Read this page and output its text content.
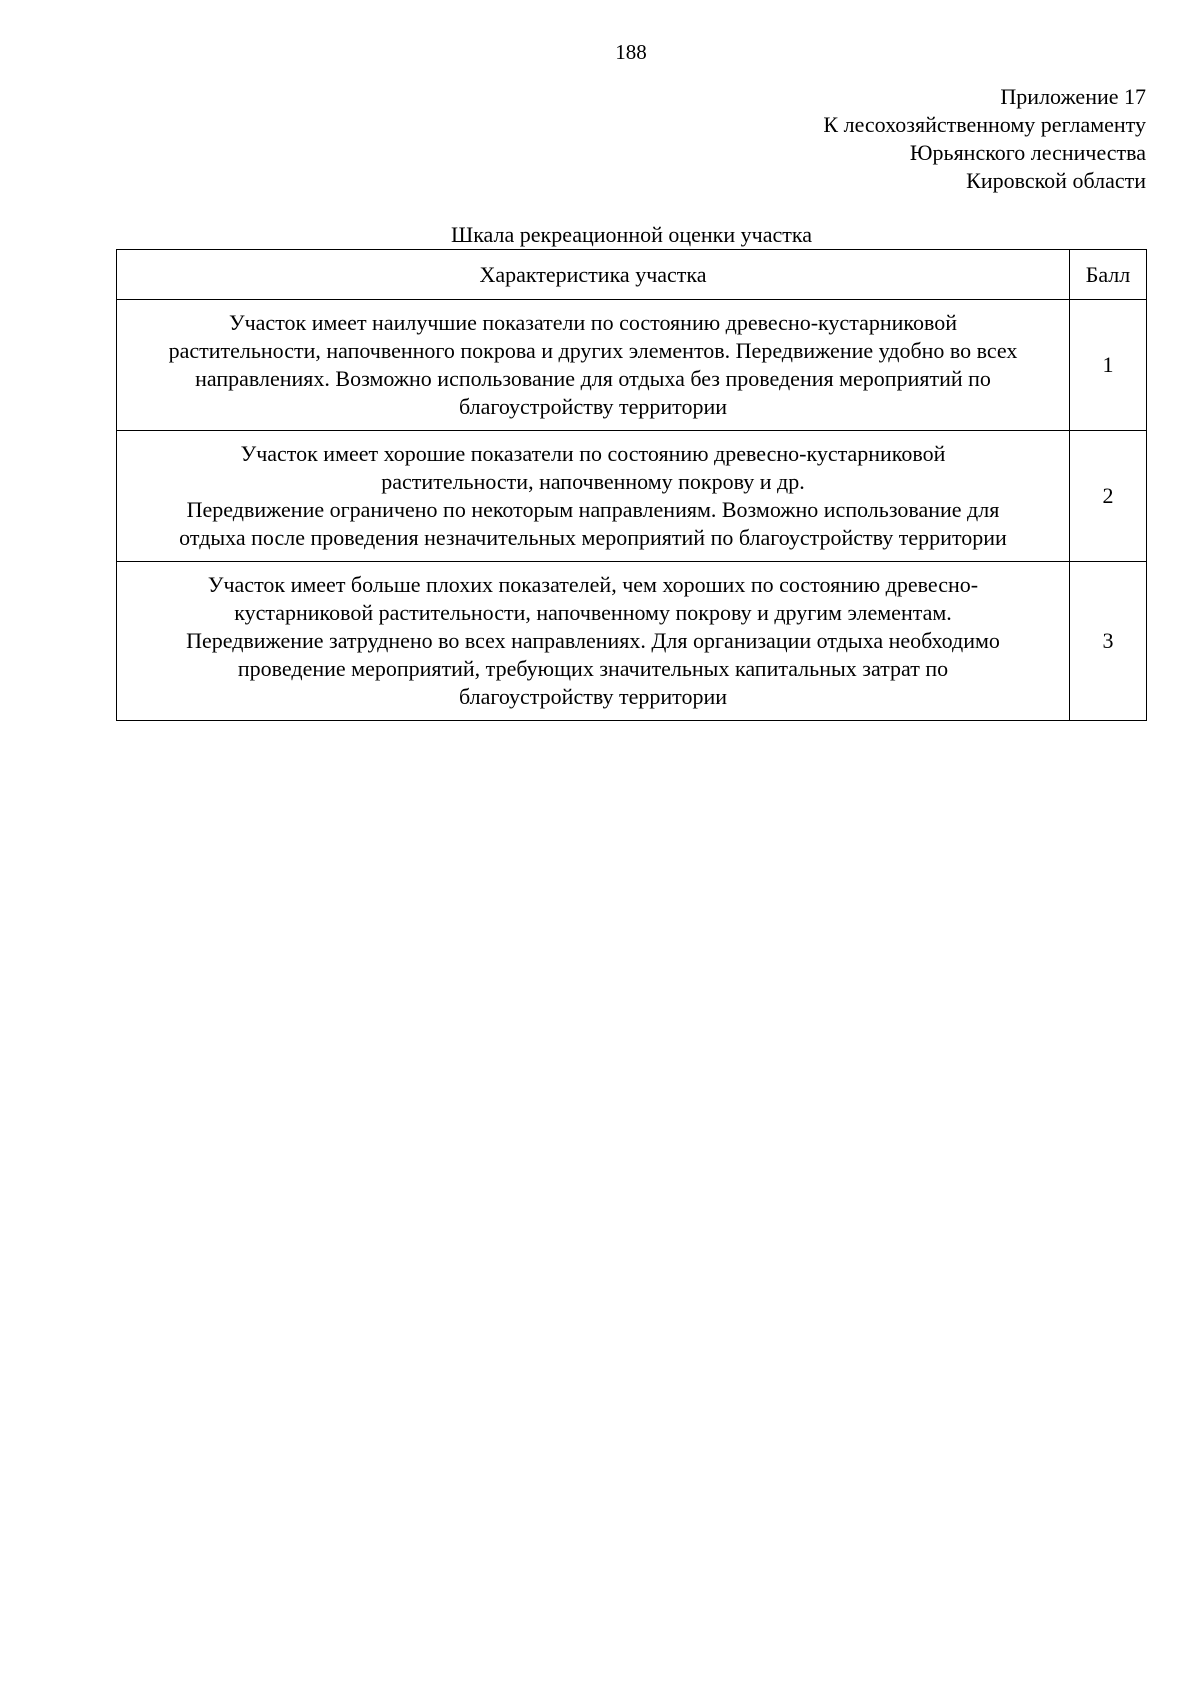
188
Приложение 17
К лесохозяйственному регламенту
Юрьянского лесничества
Кировской области
Шкала рекреационной оценки участка
Характеристика участка	Балл

Участок имеет наилучшие показатели по состоянию древесно-кустарниковой
растительности, напочвенного покрова и других элементов. Передвижение удобно во всех
направлениях. Возможно использование для отдыха без проведения мероприятий по
благоустройству территории	1

Участок имеет хорошие показатели по состоянию древесно-кустарниковой
растительности, напочвенному покрову и др.
Передвижение ограничено по некоторым направлениям. Возможно использование для
отдыха после проведения незначительных мероприятий по благоустройству территории	2

Участок имеет больше плохих показателей, чем хороших по состоянию древесно-
кустарниковой растительности, напочвенному покрову и другим элементам.
Передвижение затруднено во всех направлениях. Для организации отдыха необходимо
проведение мероприятий, требующих значительных капитальных затрат по
благоустройству территории	3
